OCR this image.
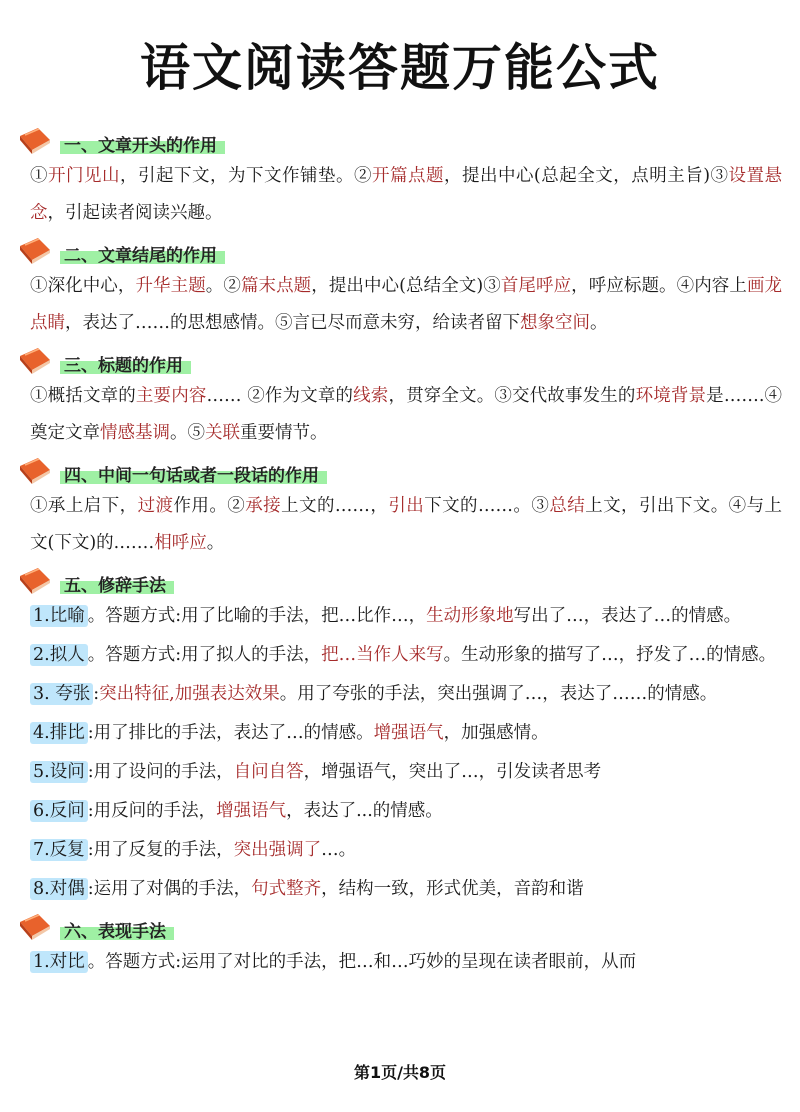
语文阅读答题万能公式
一、文章开头的作用

①开门见山，引起下文，为下文作铺垫。②开篇点题，提出中心(总起全文，点明主旨)③设置悬念，引起读者阅读兴趣。

二、文章结尾的作用

①深化中心，升华主题。②篇末点题，提出中心(总结全文)③首尾呼应，呼应标题。④内容上画龙点睛，表达了……的思想感情。⑤言已尽而意未穷，给读者留下想象空间。

三、标题的作用

①概括文章的主要内容…… ②作为文章的线索，贯穿全文。③交代故事发生的环境背景是…….④奠定文章情感基调。⑤关联重要情节。

四、中间一句话或者一段话的作用

①承上启下，过渡作用。②承接上文的……，引出下文的……。③总结上文，引出下文。④与上文(下文)的.……相呼应。

五、修辞手法

1.比喻 。答题方式:用了比喻的手法，把…比作…，生动形象地写出了…，表达了…的情感。

2.拟人 。答题方式:用了拟人的手法，把…当作人来写。生动形象的描写了…，抒发了…的情感。

3. 夸张 :突出特征,加强表达效果。用了夸张的手法，突出强调了…，表达了……的情感。

4.排比 :用了排比的手法，表达了…的情感。增强语气，加强感情。

5.设问 :用了设问的手法，自问自答，增强语气，突出了…，引发读者思考

6.反问 :用反问的手法，增强语气，表达了...的情感。

7.反复 :用了反复的手法，突出强调了…。

8.对偶 :运用了对偶的手法，句式整齐，结构一致，形式优美，音韵和谐

六、表现手法

1.对比 。答题方式:运用了对比的手法，把…和…巧妙的呈现在读者眼前，从而

第1页/共8页
